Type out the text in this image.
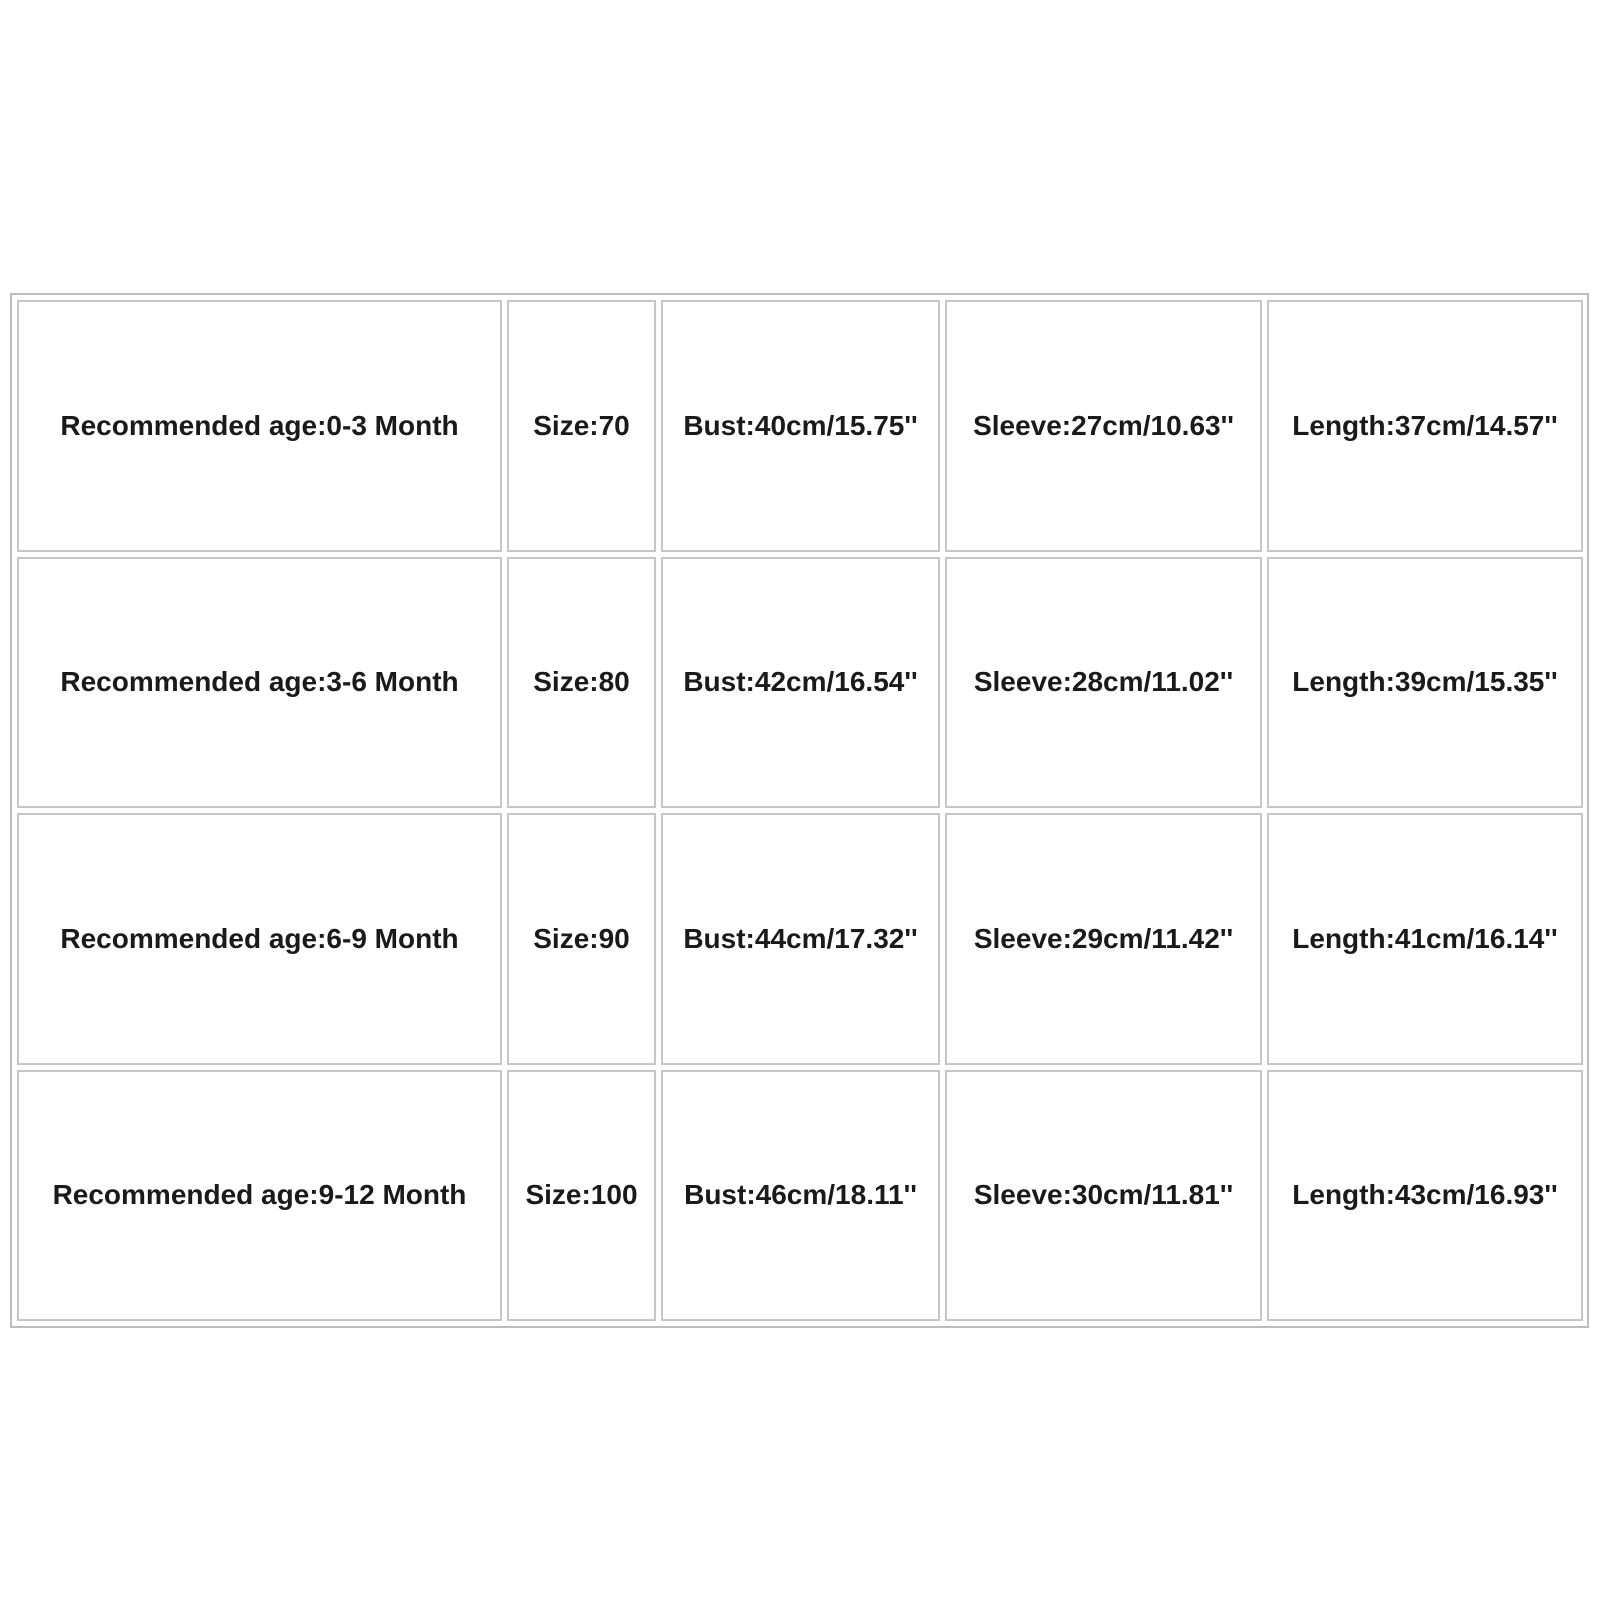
Recommended age:0-3 Month	Size:70	Bust:40cm/15.75''	Sleeve:27cm/10.63''	Length:37cm/14.57''
Recommended age:3-6 Month	Size:80	Bust:42cm/16.54''	Sleeve:28cm/11.02''	Length:39cm/15.35''
Recommended age:6-9 Month	Size:90	Bust:44cm/17.32''	Sleeve:29cm/11.42''	Length:41cm/16.14''
Recommended age:9-12 Month	Size:100	Bust:46cm/18.11''	Sleeve:30cm/11.81''	Length:43cm/16.93''
